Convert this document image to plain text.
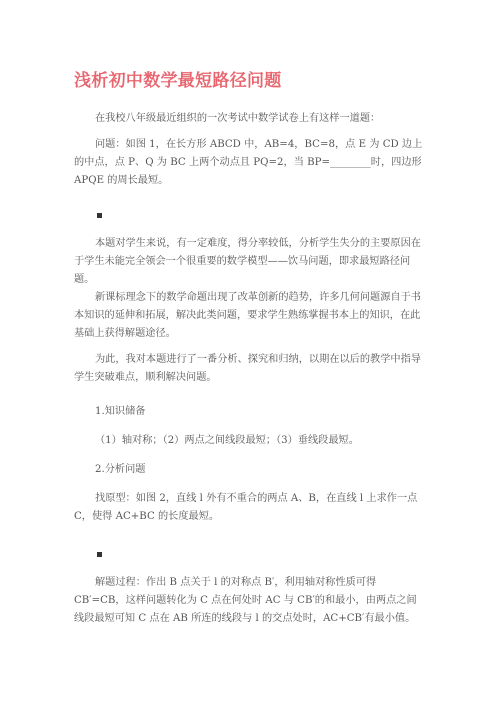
浅析初中数学最短路径问题

在我校八年级最近组织的一次考试中数学试卷上有这样一道题：

问题：如图 1，在长方形 ABCD 中，AB=4，BC=8，点 E 为 CD 边上的中点，点 P、Q 为 BC 上两个动点且 PQ=2，当 BP=________时，四边形 APQE 的周长最短。

本题对学生来说，有一定难度，得分率较低，分析学生失分的主要原因在于学生未能完全领会一个很重要的数学模型——饮马问题，即求最短路径问题。

新课标理念下的数学命题出现了改革创新的趋势，许多几何问题源自于书本知识的延伸和拓展，解决此类问题，要求学生熟练掌握书本上的知识，在此基础上获得解题途径。

为此，我对本题进行了一番分析、探究和归纳，以期在以后的教学中指导学生突破难点，顺利解决问题。

1.知识储备

（1）轴对称；（2）两点之间线段最短；（3）垂线段最短。

2.分析问题

找原型：如图 2，直线 l 外有不重合的两点 A、B，在直线 l 上求作一点 C，使得 AC+BC 的长度最短。

解题过程：作出 B 点关于 l 的对称点 B′，利用轴对称性质可得 CB′=CB，这样问题转化为 C 点在何处时 AC 与 CB′的和最小，由两点之间线段最短可知 C 点在 AB 所连的线段与 l 的交点处时，AC+CB′有最小值。
